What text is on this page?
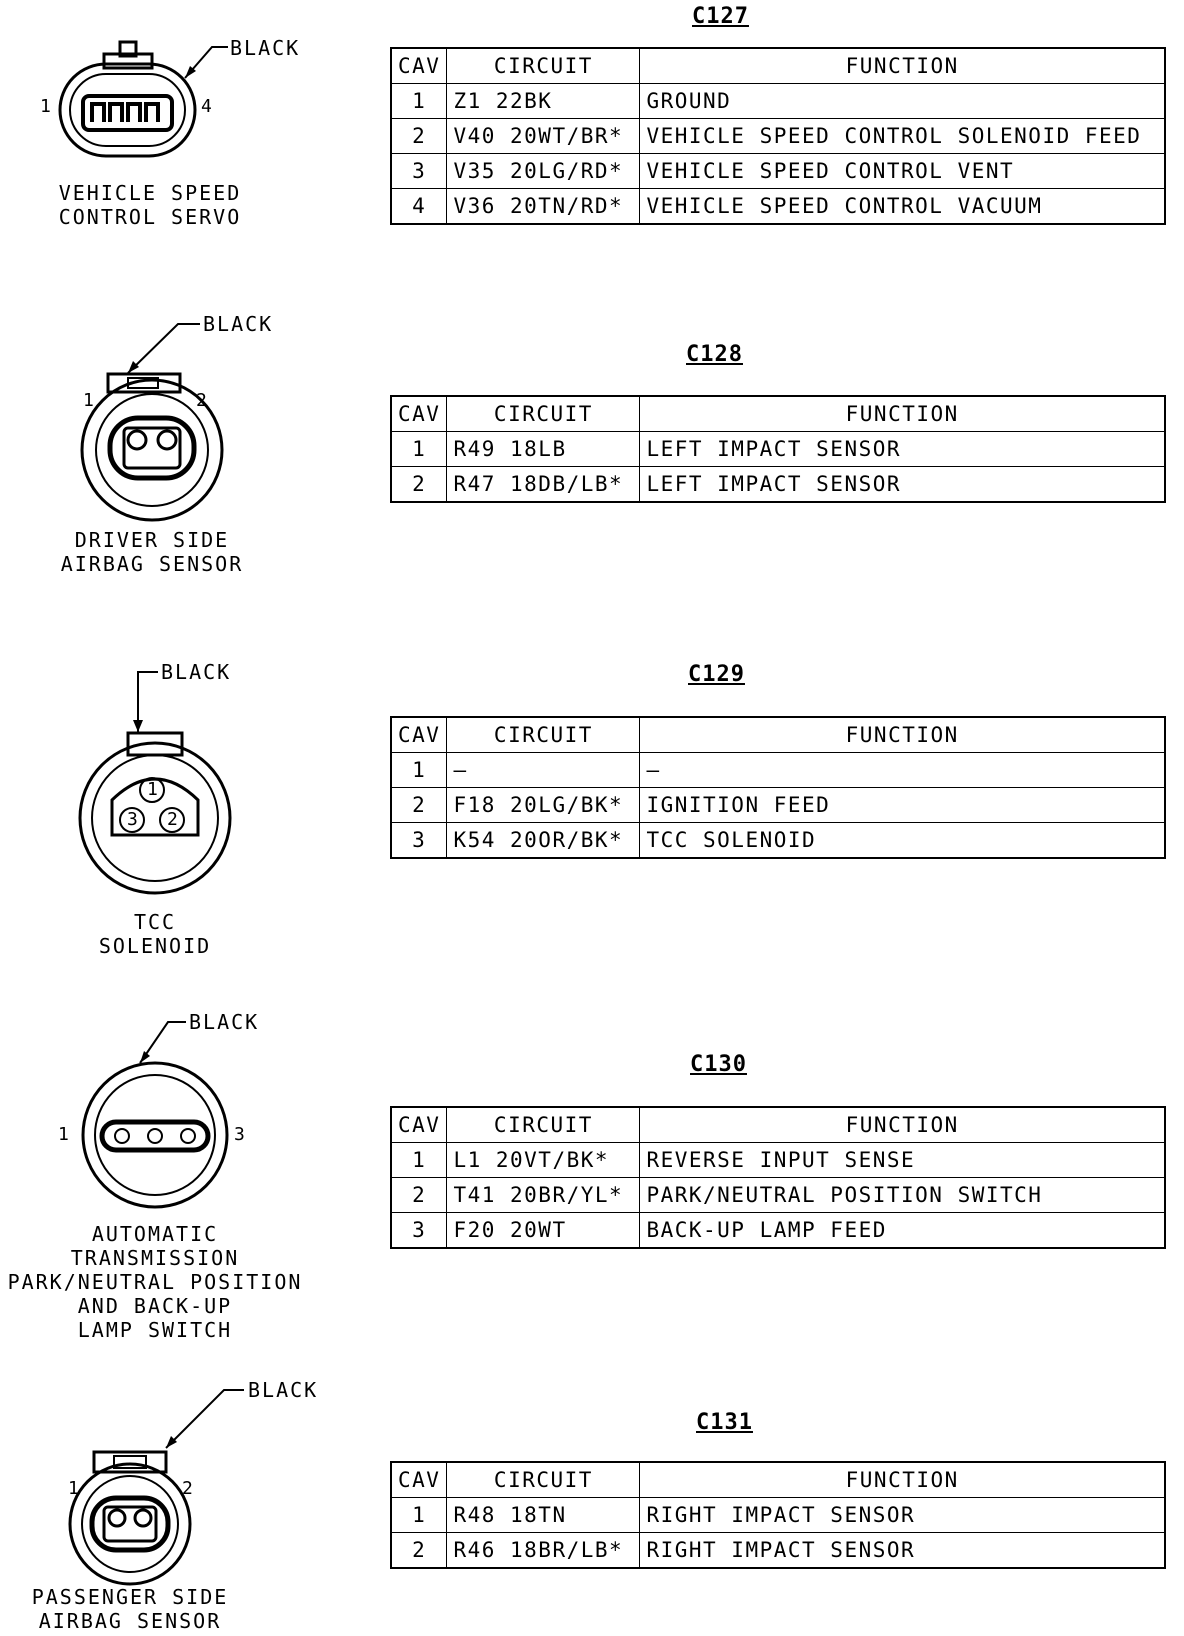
C127
CAV	CIRCUIT	FUNCTION
1	Z1 22BK	GROUND
2	V40 20WT/BR*	VEHICLE SPEED CONTROL SOLENOID FEED
3	V35 20LG/RD*	VEHICLE SPEED CONTROL VENT
4	V36 20TN/RD*	VEHICLE SPEED CONTROL VACUUM
1	4
BLACK
VEHICLE SPEED
CONTROL SERVO
C128
CAV	CIRCUIT	FUNCTION
1	R49 18LB	LEFT IMPACT SENSOR
2	R47 18DB/LB*	LEFT IMPACT SENSOR
1	2
BLACK
DRIVER SIDE
AIRBAG SENSOR
C129
CAV	CIRCUIT	FUNCTION
1	—	—
2	F18 20LG/BK*	IGNITION FEED
3	K54 20OR/BK*	TCC SOLENOID
1
2
3
BLACK
TCC
SOLENOID
C130
CAV	CIRCUIT	FUNCTION
1	L1 20VT/BK*	REVERSE INPUT SENSE
2	T41 20BR/YL*	PARK/NEUTRAL POSITION SWITCH
3	F20 20WT	BACK-UP LAMP FEED
1	3
BLACK
AUTOMATIC
TRANSMISSION
PARK/NEUTRAL POSITION
AND BACK-UP
LAMP SWITCH
C131
CAV	CIRCUIT	FUNCTION
1	R48 18TN	RIGHT IMPACT SENSOR
2	R46 18BR/LB*	RIGHT IMPACT SENSOR
1	2
BLACK
PASSENGER SIDE
AIRBAG SENSOR
